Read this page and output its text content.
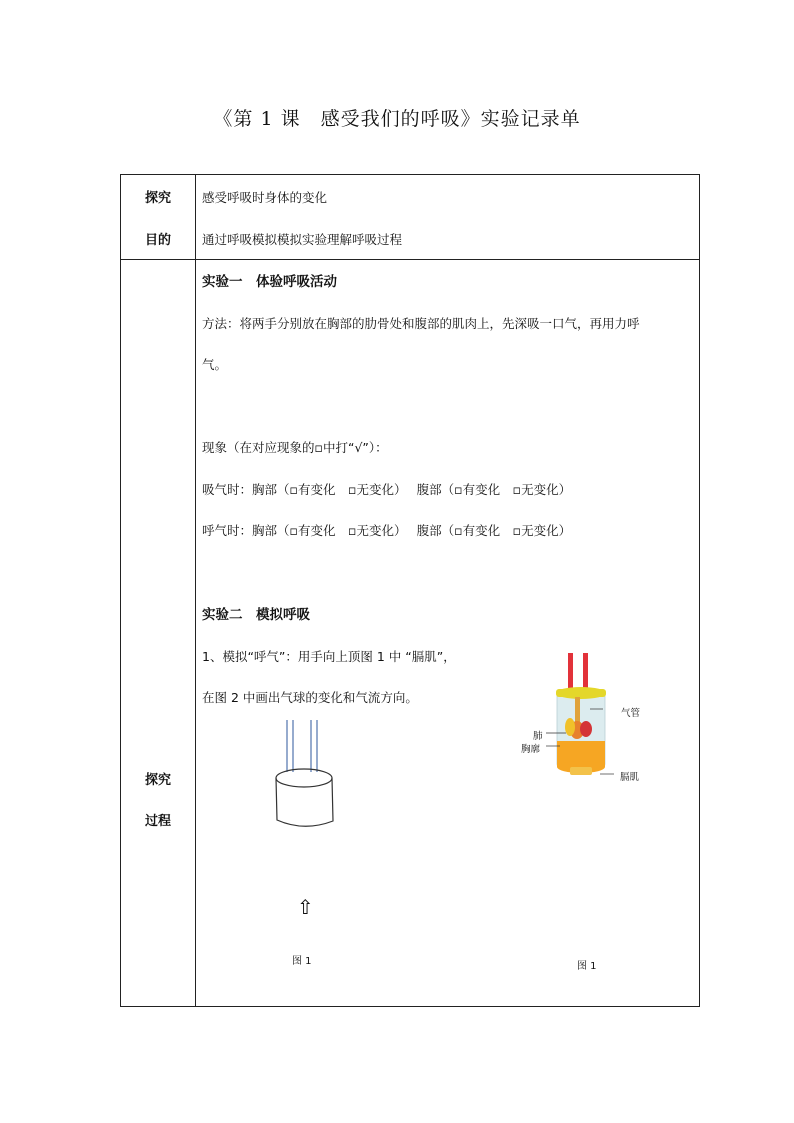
《第 1 课　感受我们的呼吸》实验记录单
探究
目的
感受呼吸时身体的变化
通过呼吸模拟模拟实验理解呼吸过程
探究
过程
实验一　体验呼吸活动
方法：将两手分别放在胸部的肋骨处和腹部的肌肉上，先深吸一口气，再用力呼
气。
现象（在对应现象的▫中打“√”）：
吸气时：胸部（▫有变化　▫无变化）　 腹部（▫有变化　▫无变化）
呼气时：胸部（▫有变化　▫无变化）　 腹部（▫有变化　▫无变化）
实验二　模拟呼吸
1、模拟“呼气”：用手向上顶图 1 中 “膈肌”，
在图 2 中画出气球的变化和气流方向。
⇧
图 1
气管
肺
胸廓
膈肌
图 1
